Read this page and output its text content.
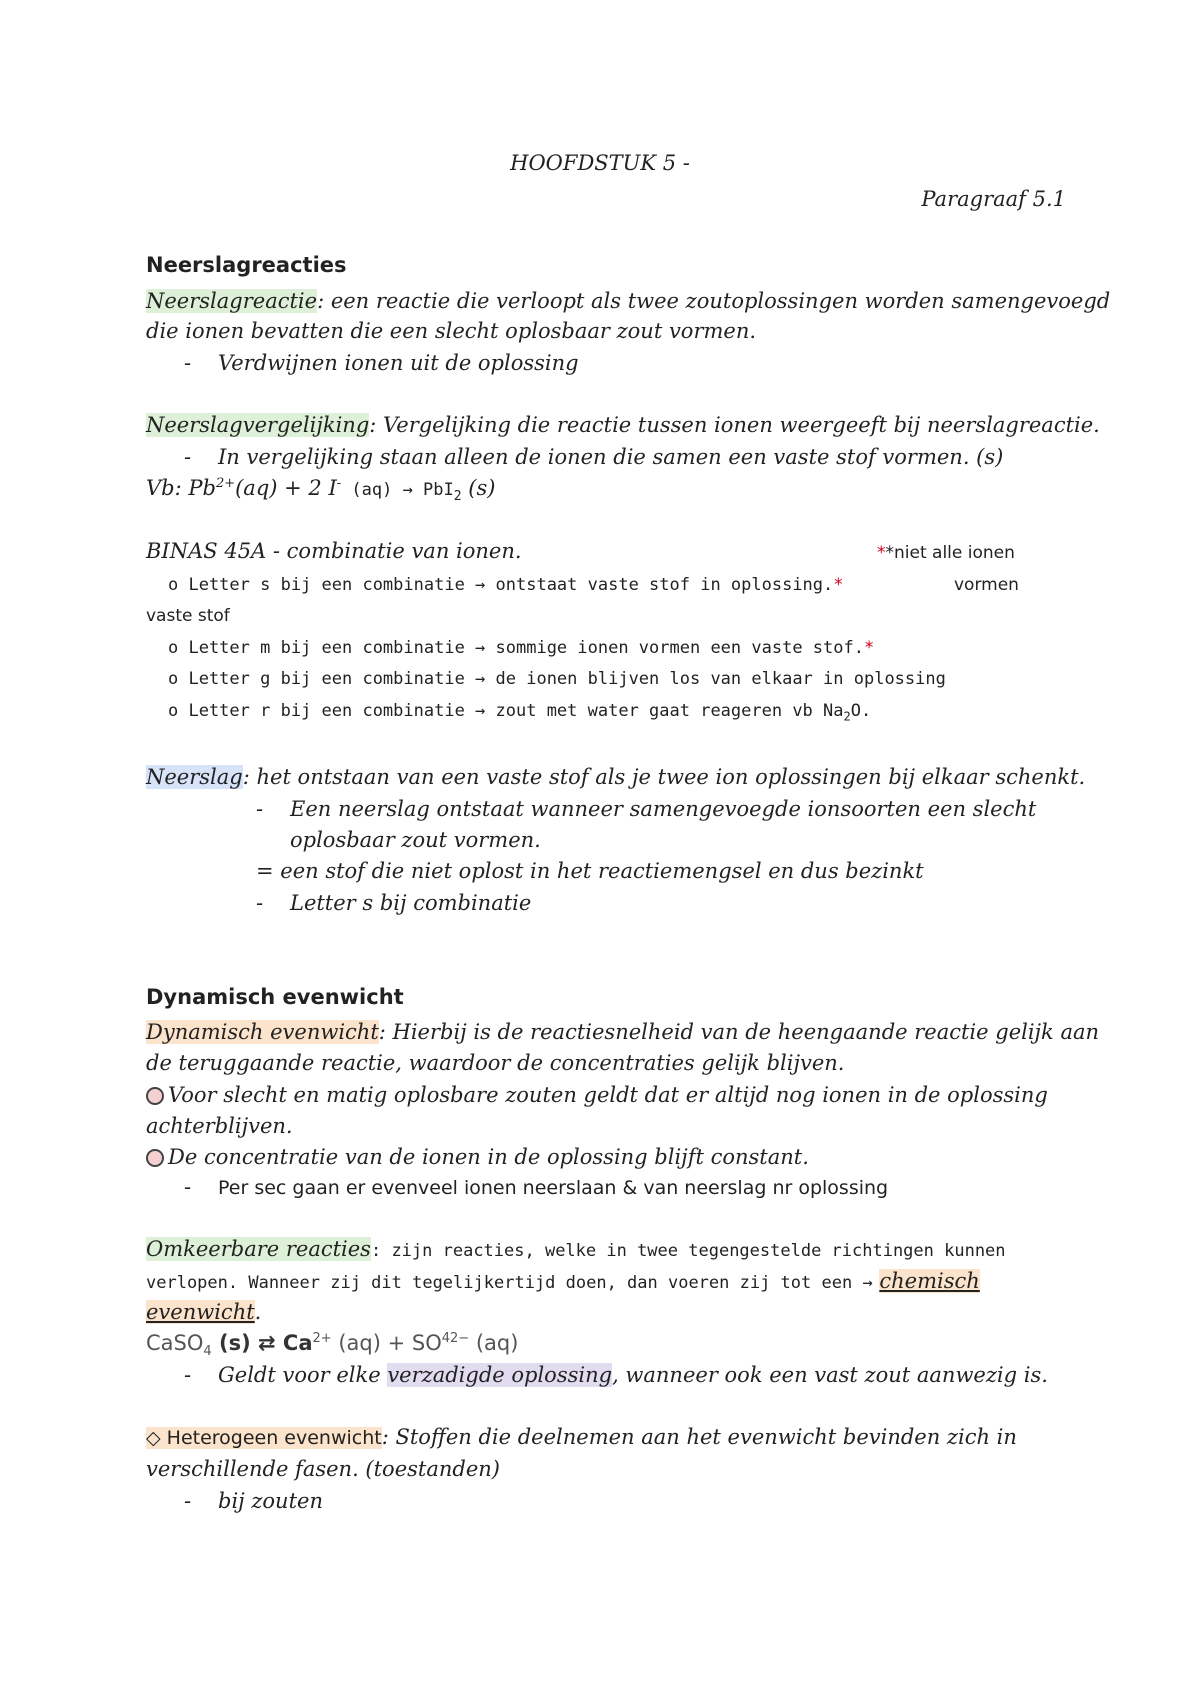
HOOFDSTUK 5 -
Paragraaf 5.1
Neerslagreacties
Neerslagreactie: een reactie die verloopt als twee zoutoplossingen worden samengevoegd
die ionen bevatten die een slecht oplosbaar zout vormen.
- Verdwijnen ionen uit de oplossing
Neerslagvergelijking: Vergelijking die reactie tussen ionen weergeeft bij neerslagreactie.
- In vergelijking staan alleen de ionen die samen een vaste stof vormen. (s)
Vb: $Pb^{2+}(aq) + 2$ I- (aq) → PbI$_2$ (s)
BINAS 45A - combinatie van ionen.	**niet alle ionen
o Letter s bij een combinatie → ontstaat vaste stof in oplossing.*	vormen
vaste stof
o Letter m bij een combinatie → sommige ionen vormen een vaste stof.*
o Letter g bij een combinatie → de ionen blijven los van elkaar in oplossing
o Letter r bij een combinatie → zout met water gaat reageren vb $Na_2O$.
Neerslag: het ontstaan van een vaste stof als je twee ion oplossingen bij elkaar schenkt.
- Een neerslag ontstaat wanneer samengevoegde ionsoorten een slecht
oplosbaar zout vormen.
= een stof die niet oplost in het reactiemengsel en dus bezinkt
- Letter s bij combinatie
Dynamisch evenwicht
Dynamisch evenwicht: Hierbij is de reactiesnelheid van de heengaande reactie gelijk aan
de teruggaande reactie, waardoor de concentraties gelijk blijven.
Voor slecht en matig oplosbare zouten geldt dat er altijd nog ionen in de oplossing
achterblijven.
De concentratie van de ionen in de oplossing blijft constant.
- Per sec gaan er evenveel ionen neerslaan & van neerslag nr oplossing
Omkeerbare reacties: zijn reacties, welke in twee tegengestelde richtingen kunnen
verlopen. Wanneer zij dit tegelijkertijd doen, dan voeren zij tot een → chemisch
evenwicht.
CaSO$_4$ (s) ⇄ $Ca^{2+}$ $(aq) + SO^{42-}$ (aq)
- Geldt voor elke verzadigde oplossing, wanneer ook een vast zout aanwezig is.
◇ Heterogeen evenwicht: Stoffen die deelnemen aan het evenwicht bevinden zich in
verschillende fasen. (toestanden)
- bij zouten
